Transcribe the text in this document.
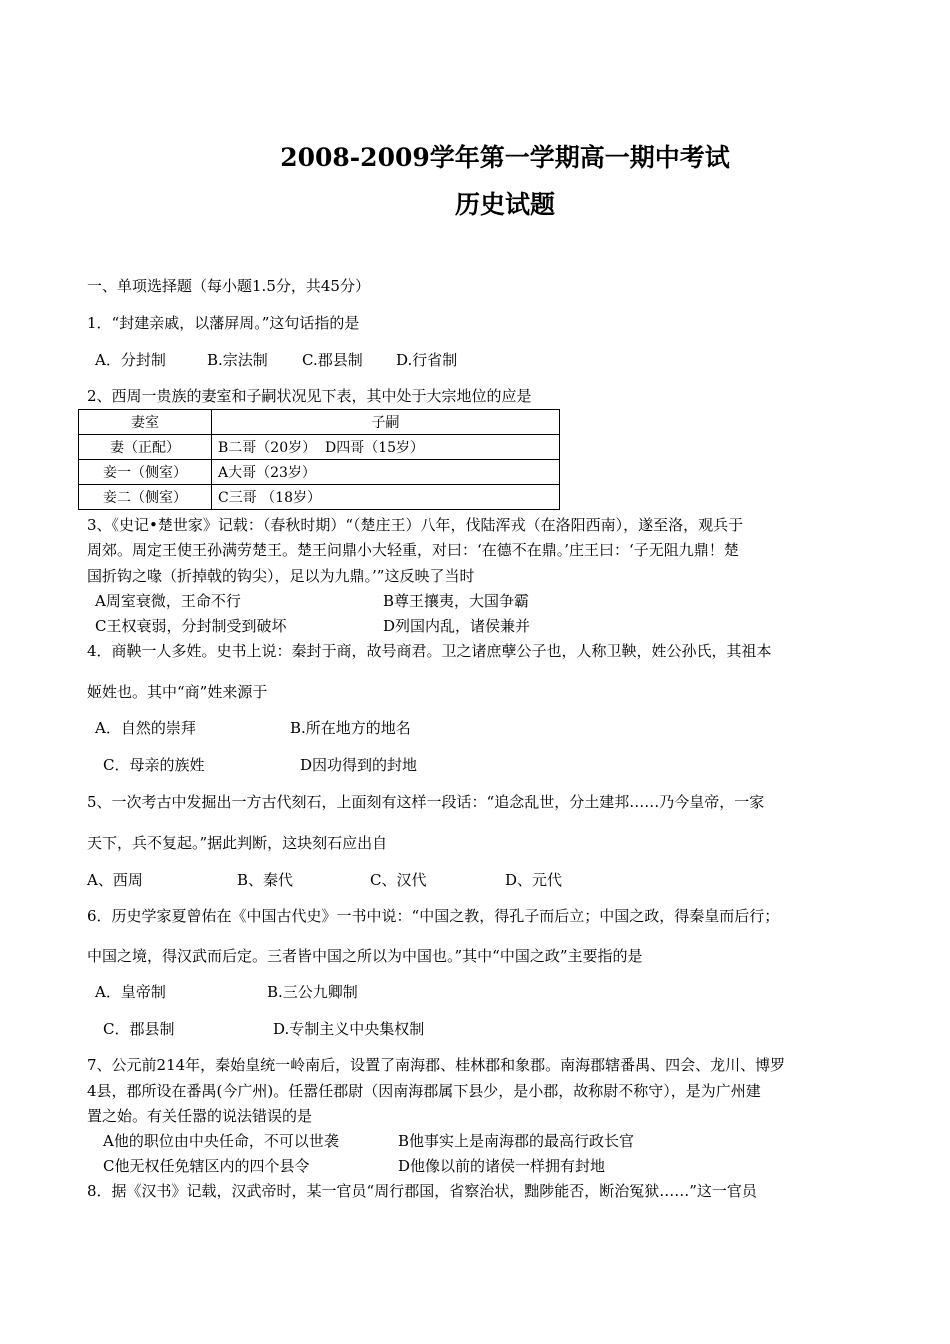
2008-2009学年第一学期高一期中考试
历史试题
一、单项选择题（每小题1.5分，共45分）
1．“封建亲戚，以藩屏周。”这句话指的是
A．分封制	B.宗法制 C.郡县制 D.行省制
2、西周一贵族的妻室和子嗣状况见下表，其中处于大宗地位的应是
妻室	子嗣
妻（正配）	B二哥（20岁）  D四哥（15岁）
妾一（侧室）	A大哥（23岁）
妾二（侧室）	C三哥 （18岁）
3、《史记•楚世家》记载：（春秋时期）“（楚庄王）八年，伐陆浑戎（在洛阳西南），遂至洛，观兵于
周郊。周定王使王孙满劳楚王。楚王问鼎小大轻重，对曰：‘在德不在鼎。’庄王曰：‘子无阻九鼎！楚
国折钩之喙（折掉戟的钩尖），足以为九鼎。’”这反映了当时
A周室衰微，王命不行	B尊王攘夷，大国争霸
C王权衰弱，分封制受到破坏	D列国内乱，诸侯兼并
4．商鞅一人多姓。史书上说：秦封于商，故号商君。卫之诸庶孽公子也，人称卫鞅，姓公孙氏，其祖本
姬姓也。其中“商”姓来源于
A．自然的崇拜	B.所在地方的地名
C．母亲的族姓	D因功得到的封地
5、一次考古中发掘出一方古代刻石，上面刻有这样一段话：“追念乱世，分土建邦……乃今皇帝，一家
天下，兵不复起。”据此判断，这块刻石应出自
A、西周	B、秦代	C、汉代	D、元代
6．历史学家夏曾佑在《中国古代史》一书中说：“中国之教，得孔子而后立；中国之政，得秦皇而后行；
中国之境，得汉武而后定。三者皆中国之所以为中国也。”其中“中国之政”主要指的是
A．皇帝制	B.三公九卿制
C．郡县制	D.专制主义中央集权制
7、公元前214年，秦始皇统一岭南后，设置了南海郡、桂林郡和象郡。南海郡辖番禺、四会、龙川、博罗
4县，郡所设在番禺(今广州)。任嚣任郡尉（因南海郡属下县少，是小郡，故称尉不称守），是为广州建
置之始。有关任嚣的说法错误的是
A他的职位由中央任命，不可以世袭	B他事实上是南海郡的最高行政长官
C他无权任免辖区内的四个县令	D他像以前的诸侯一样拥有封地
8．据《汉书》记载，汉武帝时，某一官员“周行郡国，省察治状，黜陟能否，断治冤狱……”这一官员
